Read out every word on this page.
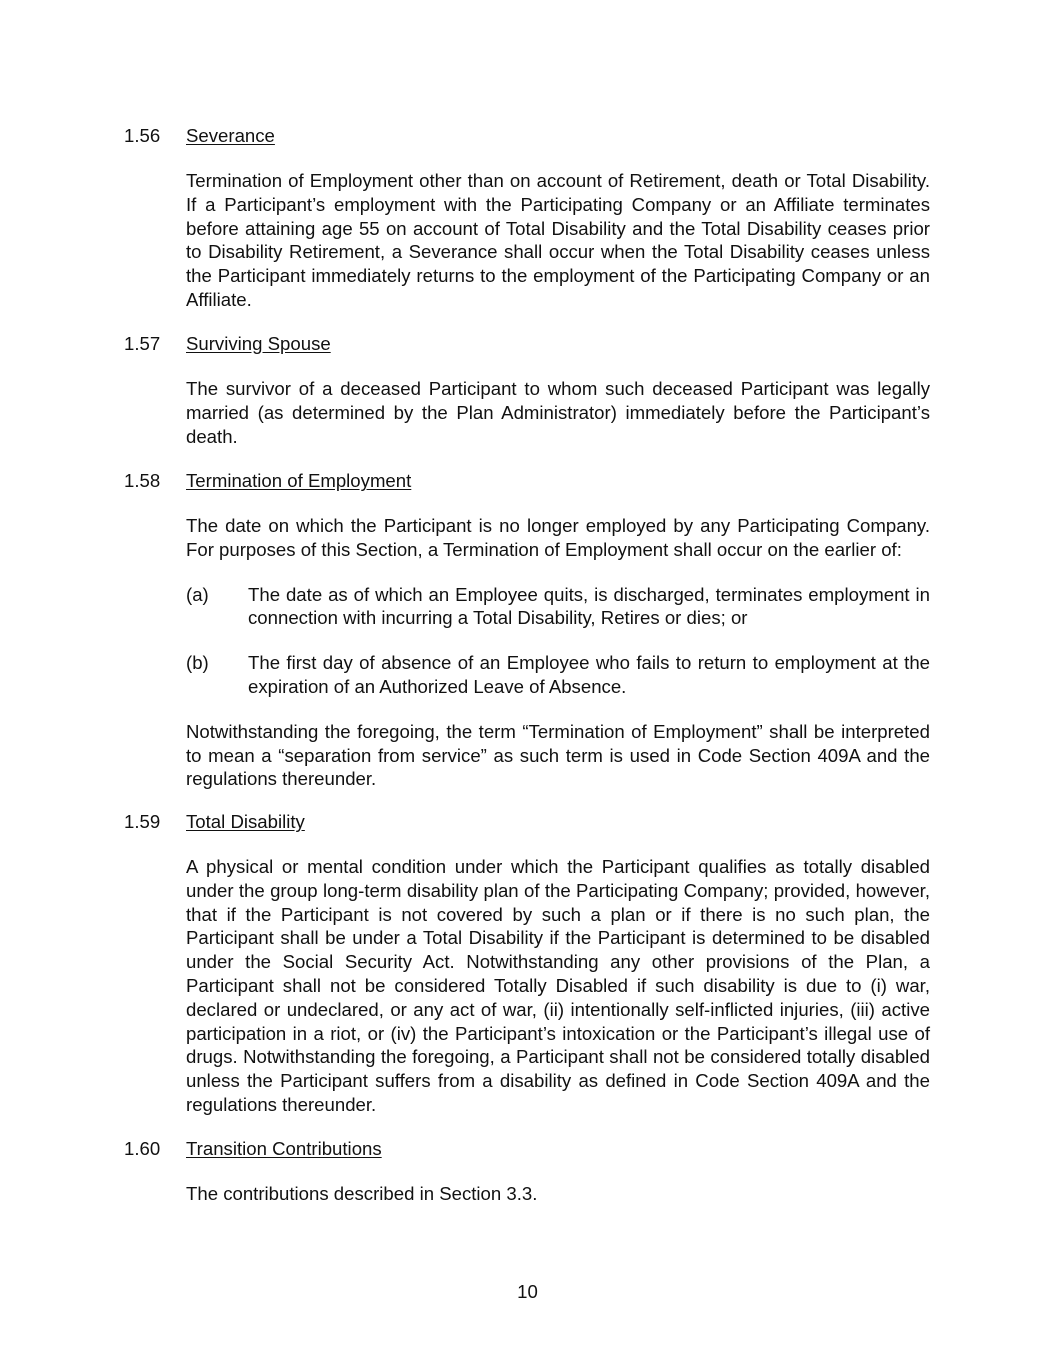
1.56	Severance

Termination of Employment other than on account of Retirement, death or Total Disability. If a Participant’s employment with the Participating Company or an Affiliate terminates before attaining age 55 on account of Total Disability and the Total Disability ceases prior to Disability Retirement, a Severance shall occur when the Total Disability ceases unless the Participant immediately returns to the employment of the Participating Company or an Affiliate.

1.57	Surviving Spouse

The survivor of a deceased Participant to whom such deceased Participant was legally married (as determined by the Plan Administrator) immediately before the Participant’s death.

1.58	Termination of Employment

The date on which the Participant is no longer employed by any Participating Company. For purposes of this Section, a Termination of Employment shall occur on the earlier of:

(a) The date as of which an Employee quits, is discharged, terminates employment in connection with incurring a Total Disability, Retires or dies; or

(b) The first day of absence of an Employee who fails to return to employment at the expiration of an Authorized Leave of Absence.

Notwithstanding the foregoing, the term “Termination of Employment” shall be interpreted to mean a “separation from service” as such term is used in Code Section 409A and the regulations thereunder.

1.59	Total Disability

A physical or mental condition under which the Participant qualifies as totally disabled under the group long-term disability plan of the Participating Company; provided, however, that if the Participant is not covered by such a plan or if there is no such plan, the Participant shall be under a Total Disability if the Participant is determined to be disabled under the Social Security Act. Notwithstanding any other provisions of the Plan, a Participant shall not be considered Totally Disabled if such disability is due to (i) war, declared or undeclared, or any act of war, (ii) intentionally self-inflicted injuries, (iii) active participation in a riot, or (iv) the Participant’s intoxication or the Participant’s illegal use of drugs. Notwithstanding the foregoing, a Participant shall not be considered totally disabled unless the Participant suffers from a disability as defined in Code Section 409A and the regulations thereunder.

1.60	Transition Contributions

The contributions described in Section 3.3.

10
